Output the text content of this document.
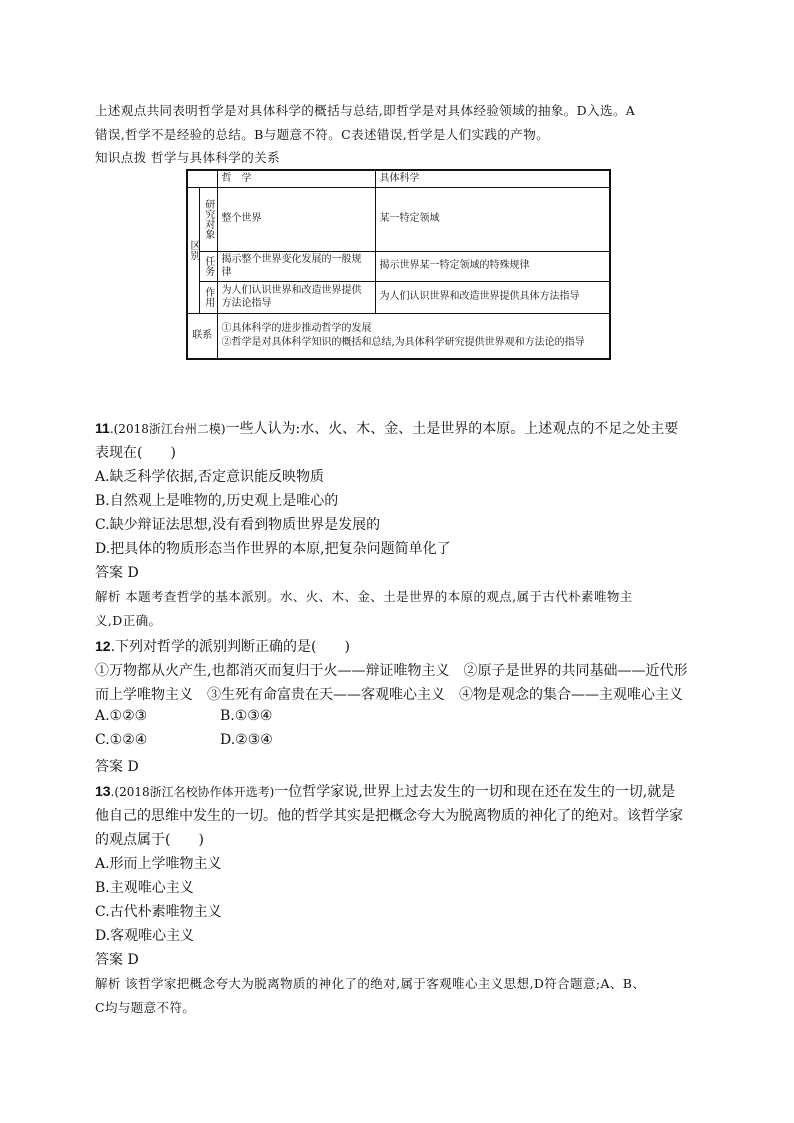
上述观点共同表明哲学是对具体科学的概括与总结,即哲学是对具体经验领域的抽象。D入选。A
错误,哲学不是经验的总结。B与题意不符。C表述错误,哲学是人们实践的产物。
知识点拨 哲学与具体科学的关系
		哲　学	具体科学
区别	研究对象	整个世界	某一特定领域
	任务	揭示整个世界变化发展的一般规律	揭示世界某一特定领域的特殊规律
	作用	为人们认识世界和改造世界提供方法论指导	为人们认识世界和改造世界提供具体方法指导
联系		①具体科学的进步推动哲学的发展
②哲学是对具体科学知识的概括和总结,为具体科学研究提供世界观和方法论的指导	
11.(2018浙江台州二模)一些人认为:水、火、木、金、土是世界的本原。上述观点的不足之处主要
表现在(　　)
A.缺乏科学依据,否定意识能反映物质
B.自然观上是唯物的,历史观上是唯心的
C.缺少辩证法思想,没有看到物质世界是发展的
D.把具体的物质形态当作世界的本原,把复杂问题简单化了
答案 D
解析 本题考查哲学的基本派别。水、火、木、金、土是世界的本原的观点,属于古代朴素唯物主
义,D正确。
12.下列对哲学的派别判断正确的是(　　)
①万物都从火产生,也都消灭而复归于火——辩证唯物主义　②原子是世界的共同基础——近代形
而上学唯物主义　③生死有命富贵在天——客观唯心主义　④物是观念的集合——主观唯心主义
A.①②③	B.①③④
C.①②④	D.②③④
答案 D
13.(2018浙江名校协作体开选考)一位哲学家说,世界上过去发生的一切和现在还在发生的一切,就是
他自己的思维中发生的一切。他的哲学其实是把概念夸大为脱离物质的神化了的绝对。该哲学家
的观点属于(　　)
A.形而上学唯物主义
B.主观唯心主义
C.古代朴素唯物主义
D.客观唯心主义
答案 D
解析 该哲学家把概念夸大为脱离物质的神化了的绝对,属于客观唯心主义思想,D符合题意;A、B、
C均与题意不符。
